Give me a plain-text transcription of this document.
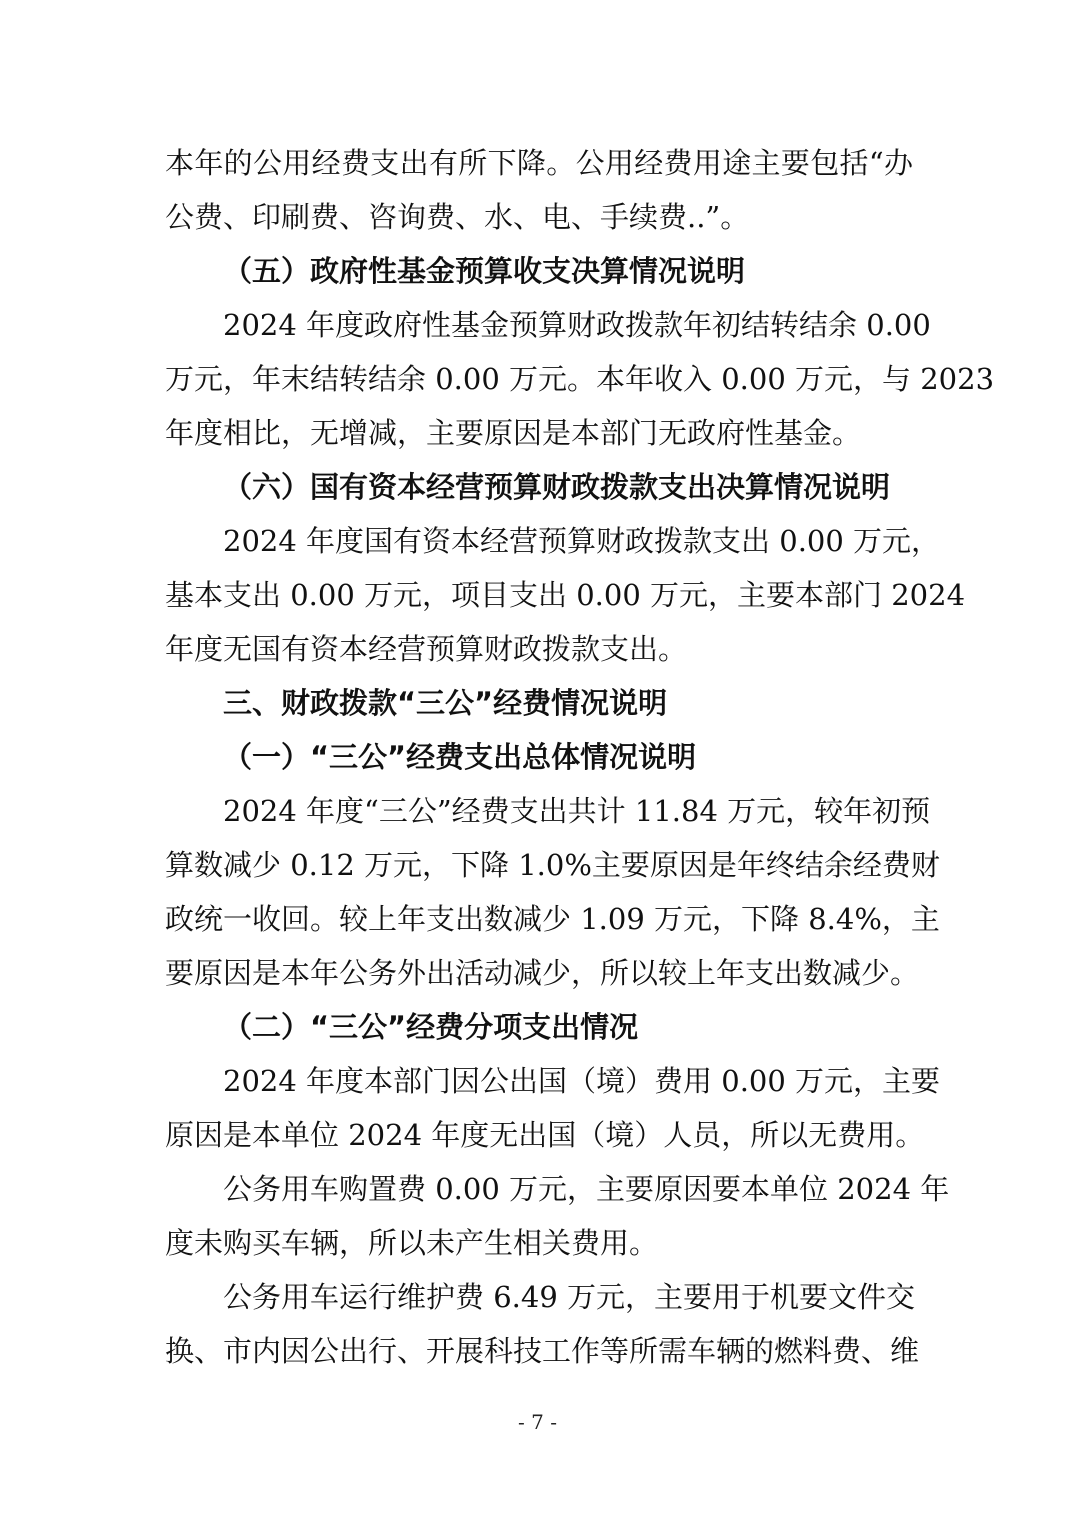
本年的公用经费支出有所下降。公用经费用途主要包括“办
公费、印刷费、咨询费、水、电、手续费..”。
（五）政府性基金预算收支决算情况说明
2024 年度政府性基金预算财政拨款年初结转结余 0.00
万元，年末结转结余 0.00 万元。本年收入 0.00 万元，与 2023
年度相比，无增减，主要原因是本部门无政府性基金。
（六）国有资本经营预算财政拨款支出决算情况说明
2024 年度国有资本经营预算财政拨款支出 0.00 万元，
基本支出 0.00 万元，项目支出 0.00 万元，主要本部门 2024
年度无国有资本经营预算财政拨款支出。
三、财政拨款“三公”经费情况说明
（一）“三公”经费支出总体情况说明
2024 年度“三公”经费支出共计 11.84 万元，较年初预
算数减少 0.12 万元，下降 1.0%主要原因是年终结余经费财
政统一收回。较上年支出数减少 1.09 万元，下降 8.4%，主
要原因是本年公务外出活动减少，所以较上年支出数减少。
（二）“三公”经费分项支出情况
2024 年度本部门因公出国（境）费用 0.00 万元，主要
原因是本单位 2024 年度无出国（境）人员，所以无费用。
公务用车购置费 0.00 万元，主要原因要本单位 2024 年
度未购买车辆，所以未产生相关费用。
公务用车运行维护费 6.49 万元，主要用于机要文件交
换、市内因公出行、开展科技工作等所需车辆的燃料费、维
- 7 -
